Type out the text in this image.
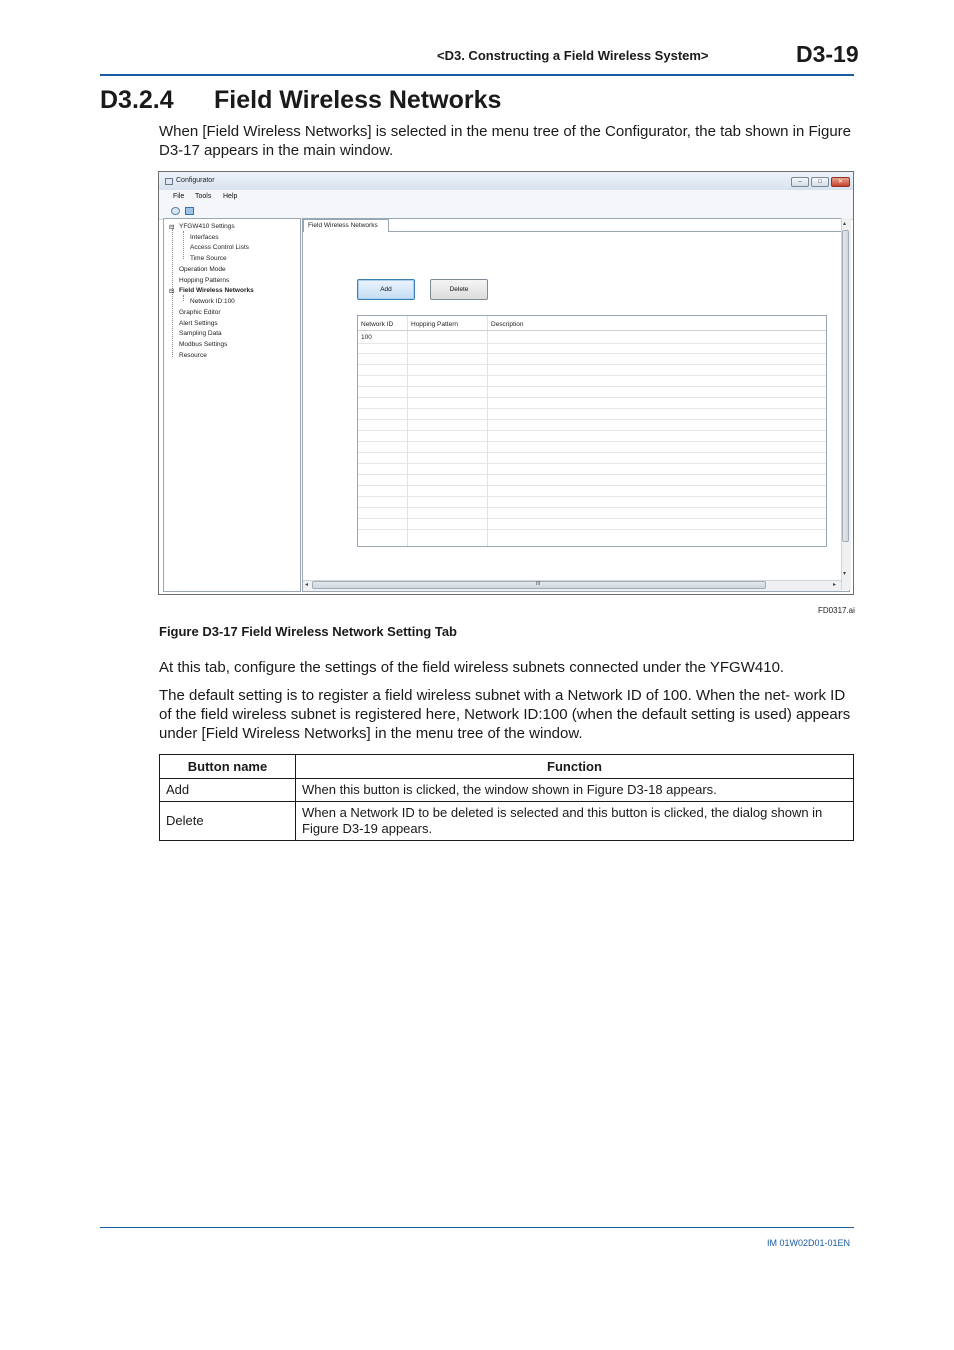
<D3. Constructing a Field Wireless System>	D3-19
D3.2.4 Field Wireless Networks
When [Field Wireless Networks] is selected in the menu tree of the Configurator, the tab shown in Figure D3-17 appears in the main window.
Configurator	–	□	✕
File Tools Help
⊟ YFGW410 Settings
Interfaces
Access Control Lists
Time Source
Operation Mode
Hopping Patterns
⊟ Field Wireless Networks
Network ID:100
Graphic Editor
Alert Settings
Sampling Data
Modbus Settings
Resource
Field Wireless Networks
Add	Delete
Network ID	Hopping Pattern	Description
100
▴
▾
◂	III	▸
FD0317.ai
Figure D3-17 Field Wireless Network Setting Tab
At this tab, configure the settings of the field wireless subnets connected under the YFGW410.
The default setting is to register a field wireless subnet with a Network ID of 100. When the net- work ID of the field wireless subnet is registered here, Network ID:100 (when the default setting is used) appears under [Field Wireless Networks] in the menu tree of the window.
Button name	Function
Add	When this button is clicked, the window shown in Figure D3-18 appears.
Delete	When a Network ID to be deleted is selected and this button is clicked, the dialog shown in Figure D3-19 appears.
IM 01W02D01-01EN
